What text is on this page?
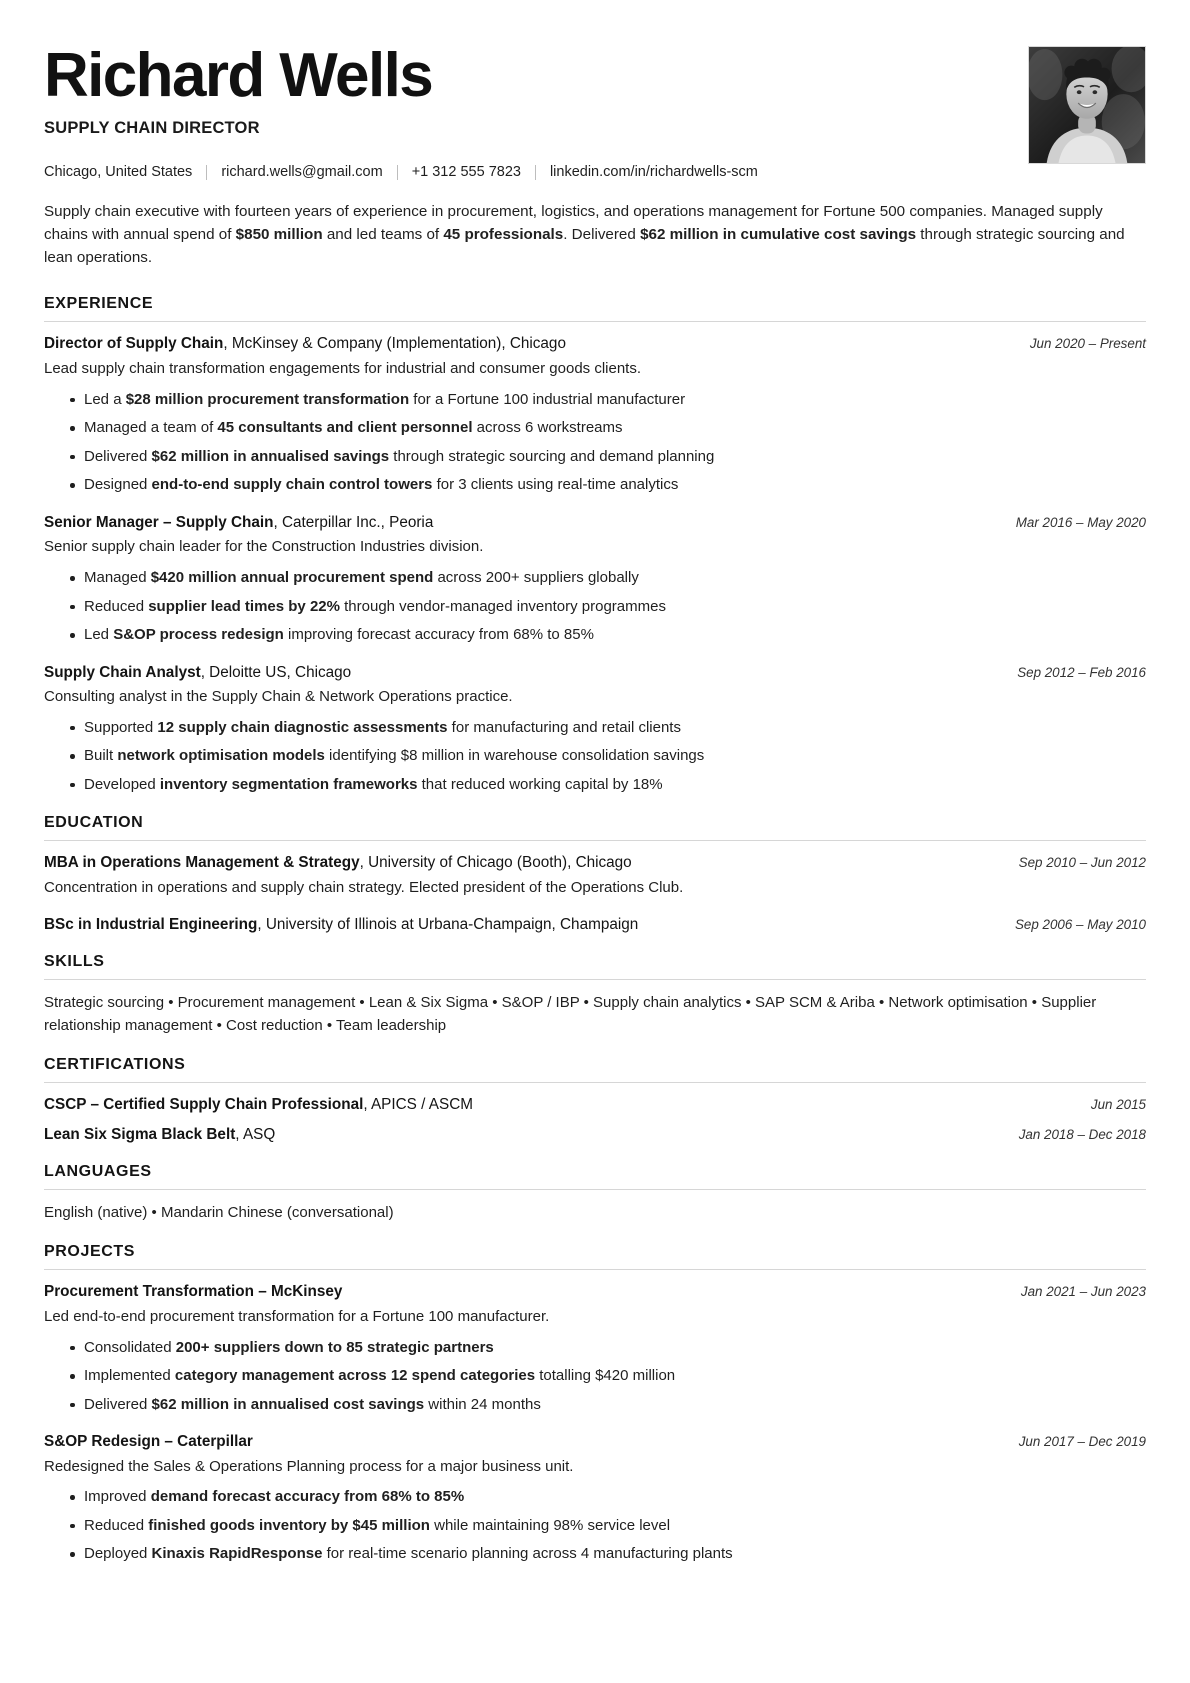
Richard Wells
SUPPLY CHAIN DIRECTOR
Chicago, United States richard.wells@gmail.com +1 312 555 7823 linkedin.com/in/richardwells-scm
Supply chain executive with fourteen years of experience in procurement, logistics, and operations management for Fortune 500 companies. Managed supply chains with annual spend of $850 million and led teams of 45 professionals. Delivered $62 million in cumulative cost savings through strategic sourcing and lean operations.
EXPERIENCE
Director of Supply Chain, McKinsey & Company (Implementation), Chicago	Jun 2020 – Present
Lead supply chain transformation engagements for industrial and consumer goods clients.
Led a $28 million procurement transformation for a Fortune 100 industrial manufacturer
Managed a team of 45 consultants and client personnel across 6 workstreams
Delivered $62 million in annualised savings through strategic sourcing and demand planning
Designed end-to-end supply chain control towers for 3 clients using real-time analytics
Senior Manager – Supply Chain, Caterpillar Inc., Peoria	Mar 2016 – May 2020
Senior supply chain leader for the Construction Industries division.
Managed $420 million annual procurement spend across 200+ suppliers globally
Reduced supplier lead times by 22% through vendor-managed inventory programmes
Led S&OP process redesign improving forecast accuracy from 68% to 85%
Supply Chain Analyst, Deloitte US, Chicago	Sep 2012 – Feb 2016
Consulting analyst in the Supply Chain & Network Operations practice.
Supported 12 supply chain diagnostic assessments for manufacturing and retail clients
Built network optimisation models identifying $8 million in warehouse consolidation savings
Developed inventory segmentation frameworks that reduced working capital by 18%
EDUCATION
MBA in Operations Management & Strategy, University of Chicago (Booth), Chicago	Sep 2010 – Jun 2012
Concentration in operations and supply chain strategy. Elected president of the Operations Club.
BSc in Industrial Engineering, University of Illinois at Urbana-Champaign, Champaign	Sep 2006 – May 2010
SKILLS
Strategic sourcing • Procurement management • Lean & Six Sigma • S&OP / IBP • Supply chain analytics • SAP SCM & Ariba • Network optimisation • Supplier relationship management • Cost reduction • Team leadership
CERTIFICATIONS
CSCP – Certified Supply Chain Professional, APICS / ASCM	Jun 2015
Lean Six Sigma Black Belt, ASQ	Jan 2018 – Dec 2018
LANGUAGES
English (native) • Mandarin Chinese (conversational)
PROJECTS
Procurement Transformation – McKinsey	Jan 2021 – Jun 2023
Led end-to-end procurement transformation for a Fortune 100 manufacturer.
Consolidated 200+ suppliers down to 85 strategic partners
Implemented category management across 12 spend categories totalling $420 million
Delivered $62 million in annualised cost savings within 24 months
S&OP Redesign – Caterpillar	Jun 2017 – Dec 2019
Redesigned the Sales & Operations Planning process for a major business unit.
Improved demand forecast accuracy from 68% to 85%
Reduced finished goods inventory by $45 million while maintaining 98% service level
Deployed Kinaxis RapidResponse for real-time scenario planning across 4 manufacturing plants
